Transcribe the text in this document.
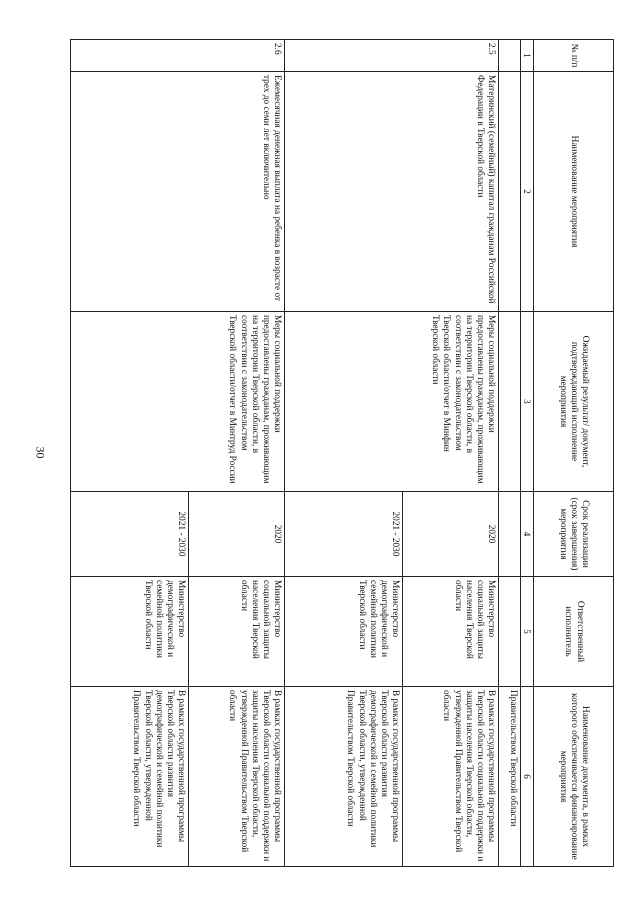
30
№ п/п	Наименование мероприятия	Ожидаемый результат/ документ, подтверждающий исполнение мероприятия	Срок реализации (срок завершения) мероприятия	Ответственный исполнитель	Наименование документа, в рамках которого обеспечивается финансирование мероприятия
1	2	3	4	5	6
					Правительством Тверской области
2.5	Материнский (семейный) капитал гражданам Российской Федерации в Тверской области	Меры социальной поддержки предоставлены гражданам, проживающим на территории Тверской области, в соответствии с законодательством Тверской области/отчет в Минфин Тверской области	2020	Министерство социальной защиты населения Тверской области	В рамках государственной программы Тверской области социальной поддержки и защиты населения Тверской области, утвержденной Правительством Тверской области
			2021 - 2030	Министерство демографической и семейной политики Тверской области	В рамках государственной программы Тверской области развития демографической и семейной политики Тверской области, утвержденной Правительством Тверской области
2.6	Ежемесячная денежная выплата на ребенка в возрасте от трех до семи лет включительно	Меры социальной поддержки предоставлены гражданам, проживающим на территории Тверской области, в соответствии с законодательством Тверской области/отчет в Минтруд России	2020	Министерство социальной защиты населения Тверской области	В рамках государственной программы Тверской области социальной поддержки и защиты населения Тверской области, утвержденной Правительством Тверской области
			2021 - 2030	Министерство демографической и семейной политики Тверской области	В рамках государственной программы Тверской области развития демографической и семейной политики Тверской области, утвержденной Правительством Тверской области
